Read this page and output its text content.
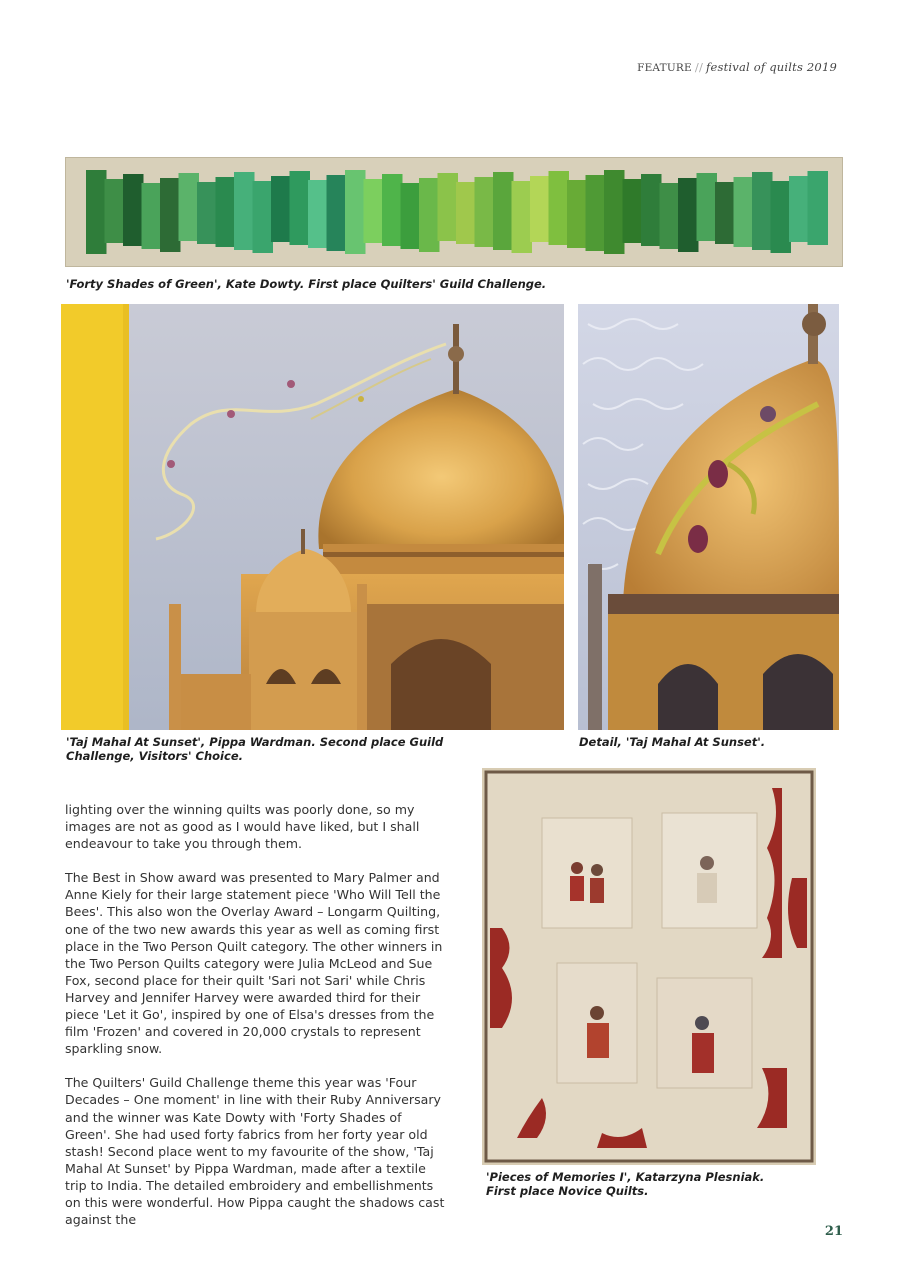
FEATURE // festival of quilts 2019
'Forty Shades of Green', Kate Dowty. First place Quilters' Guild Challenge.
'Taj Mahal At Sunset', Pippa Wardman. Second place Guild Challenge, Visitors' Choice.
Detail, 'Taj Mahal At Sunset'.

lighting over the winning quilts was poorly done, so my images are not as good as I would have liked, but I shall endeavour to take you through them.

The Best in Show award was presented to Mary Palmer and Anne Kiely for their large statement piece 'Who Will Tell the Bees'. This also won the Overlay Award – Longarm Quilting, one of the two new awards this year as well as coming first place in the Two Person Quilt category. The other winners in the Two Person Quilts category were Julia McLeod and Sue Fox, second place for their quilt 'Sari not Sari' while Chris Harvey and Jennifer Harvey were awarded third for their piece 'Let it Go', inspired by one of Elsa's dresses from the film 'Frozen' and covered in 20,000 crystals to represent sparkling snow.

The Quilters' Guild Challenge theme this year was 'Four Decades – One moment' in line with their Ruby Anniversary and the winner was Kate Dowty with 'Forty Shades of Green'. She had used forty fabrics from her forty year old stash! Second place went to my favourite of the show, 'Taj Mahal At Sunset' by Pippa Wardman, made after a textile trip to India. The detailed embroidery and embellishments on this were wonderful. How Pippa caught the shadows cast against the

'Pieces of Memories I', Katarzyna Plesniak.
First place Novice Quilts.
21
